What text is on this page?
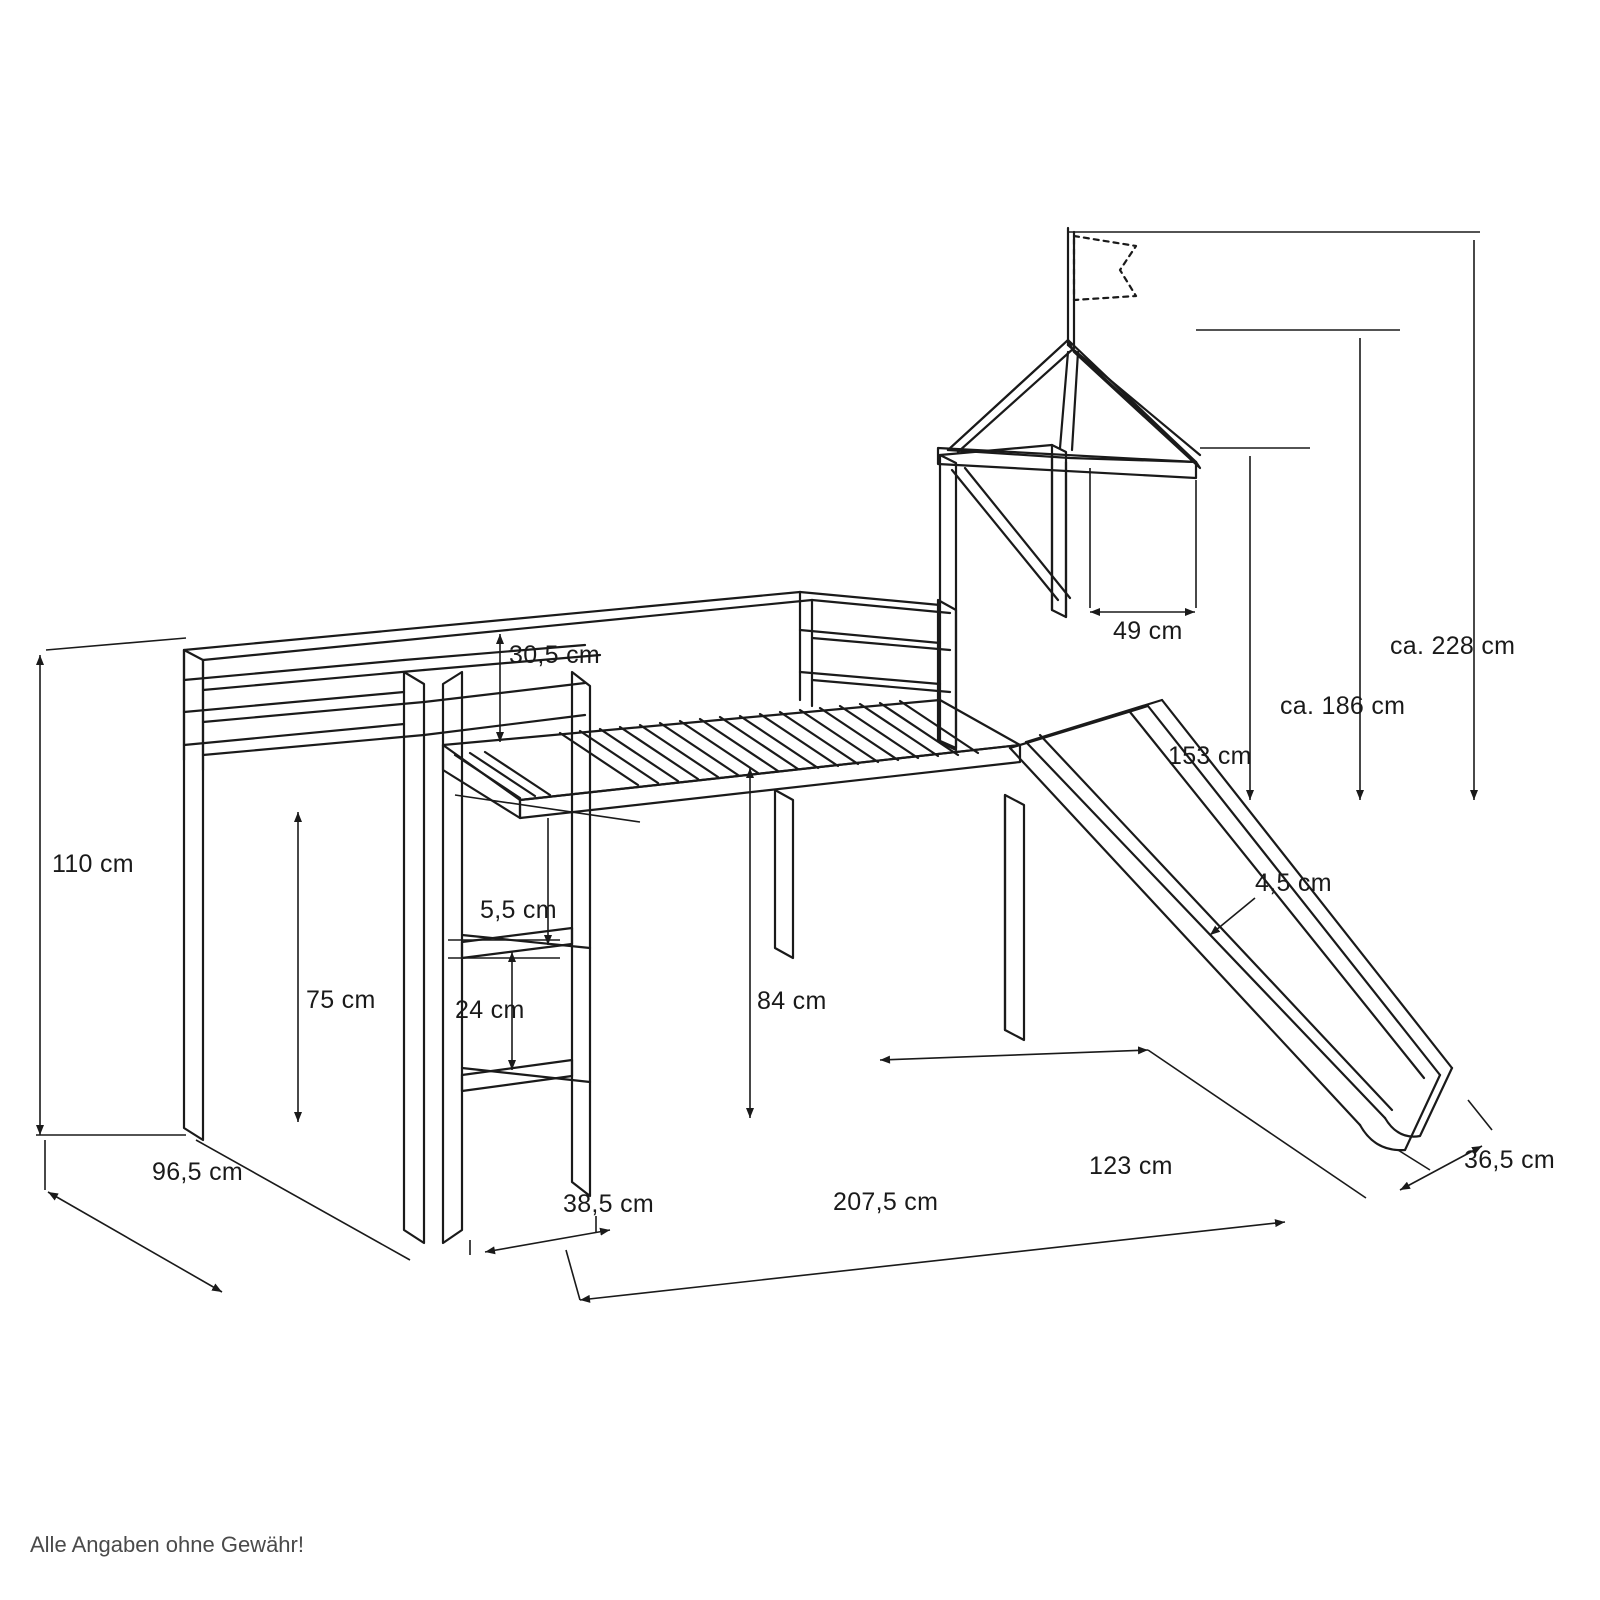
30,5 cm
49 cm
ca. 228 cm
ca. 186 cm
153 cm
110 cm
75 cm
5,5 cm
24 cm	84 cm
4,5 cm
96,5 cm
38,5 cm	207,5 cm
123 cm	36,5 cm
Alle Angaben ohne Gewähr!
